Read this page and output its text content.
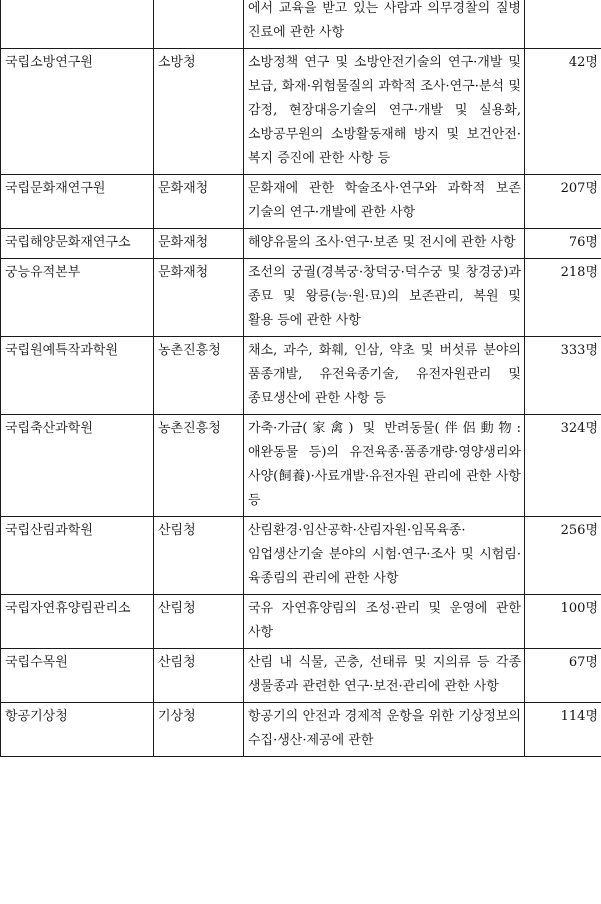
		에서 교육을 받고 있는 사람과 의무경찰의 질병 진료에 관한 사항	
국립소방연구원	소방청	소방정책 연구 및 소방안전기술의 연구·개발 및 보급, 화재·위험물질의 과학적 조사·연구·분석 및 감정, 현장대응기술의 연구·개발 및 실용화, 소방공무원의 소방활동재해 방지 및 보건안전·복지 증진에 관한 사항 등	42명
국립문화재연구원	문화재청	문화재에 관한 학술조사·연구와 과학적 보존 기술의 연구·개발에 관한 사항	207명
국립해양문화재연구소	문화재청	해양유물의 조사·연구·보존 및 전시에 관한 사항	76명
궁능유적본부	문화재청	조선의 궁궐(경복궁·창덕궁·덕수궁 및 창경궁)과 종묘 및 왕릉(능·원·묘)의 보존관리, 복원 및 활용 등에 관한 사항	218명
국립원예특작과학원	농촌진흥청	채소, 과수, 화훼, 인삼, 약초 및 버섯류 분야의 품종개발, 유전육종기술, 유전자원관리 및 종묘생산에 관한 사항 등	333명
국립축산과학원	농촌진흥청	가축·가금(家禽) 및 반려동물(伴侶動物: 애완동물 등)의 유전육종·품종개량·영양생리와 사양(飼養)·사료개발·유전자원 관리에 관한 사항 등	324명
국립산림과학원	산림청	산림환경·임산공학·산림자원·임목육종·임업생산기술 분야의 시험·연구·조사 및 시험림·육종림의 관리에 관한 사항	256명
국립자연휴양림관리소	산림청	국유 자연휴양림의 조성·관리 및 운영에 관한 사항	100명
국립수목원	산림청	산림 내 식물, 곤충, 선태류 및 지의류 등 각종 생물종과 관련한 연구·보전·관리에 관한 사항	67명
항공기상청	기상청	항공기의 안전과 경제적 운항을 위한 기상정보의 수집·생산·제공에 관한	114명
